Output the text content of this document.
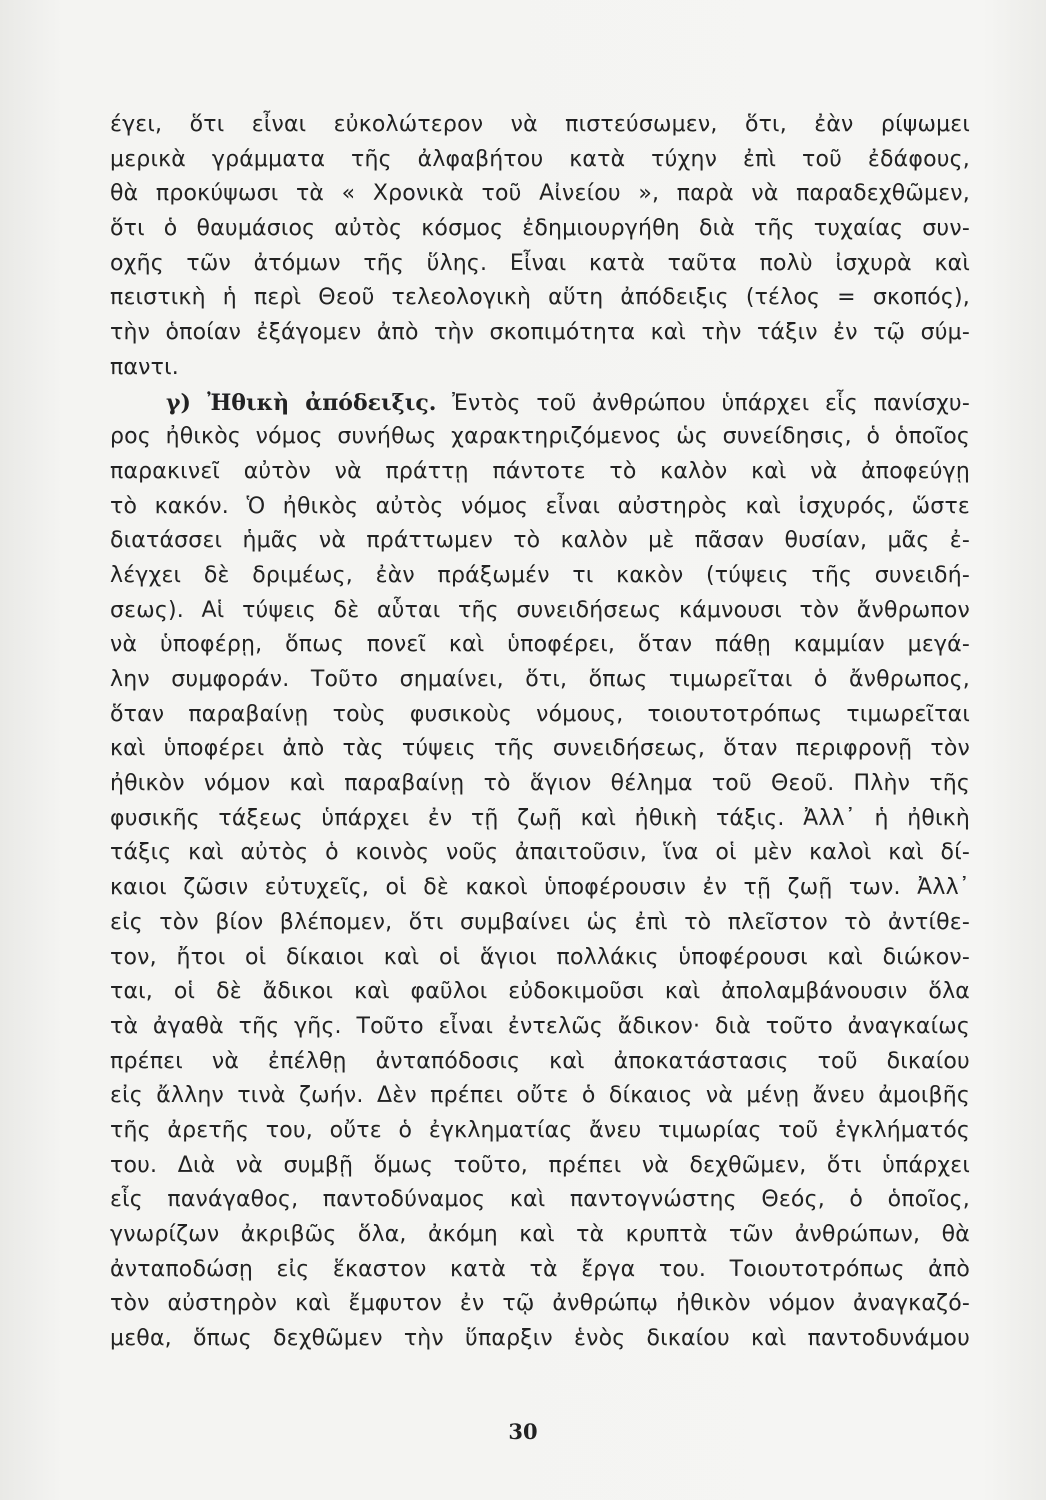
έγει, ὅτι εἶναι εὐκολώτερον νὰ πιστεύσωμεν, ὅτι, ἐὰν ρίψωμει
μερικὰ γράμματα τῆς ἀλφαβήτου κατὰ τύχην ἐπὶ τοῦ ἐδάφους,
θὰ προκύψωσι τὰ « Χρονικὰ τοῦ Αἰνείου », παρὰ νὰ παραδεχθῶμεν,
ὅτι ὁ θαυμάσιος αὐτὸς κόσμος ἐδημιουργήθη διὰ τῆς τυχαίας συν-
οχῆς τῶν ἀτόμων τῆς ὕλης. Εἶναι κατὰ ταῦτα πολὺ ἰσχυρὰ καὶ
πειστικὴ ἡ περὶ Θεοῦ τελεολογικὴ αὕτη ἀπόδειξις (τέλος = σκοπός),
τὴν ὁποίαν ἐξάγομεν ἀπὸ τὴν σκοπιμότητα καὶ τὴν τάξιν ἐν τῷ σύμ-
παντι.
γ) Ἠθικὴ ἀπόδειξις. Ἐντὸς τοῦ ἀνθρώπου ὑπάρχει εἷς πανίσχυ-
ρος ἠθικὸς νόμος συνήθως χαρακτηριζόμενος ὡς συνείδησις, ὁ ὁποῖος
παρακινεῖ αὐτὸν νὰ πράττῃ πάντοτε τὸ καλὸν καὶ νὰ ἀποφεύγῃ
τὸ κακόν. Ὁ ἠθικὸς αὐτὸς νόμος εἶναι αὐστηρὸς καὶ ἰσχυρός, ὥστε
διατάσσει ἡμᾶς νὰ πράττωμεν τὸ καλὸν μὲ πᾶσαν θυσίαν, μᾶς ἐ-
λέγχει δὲ δριμέως, ἐὰν πράξωμέν τι κακὸν (τύψεις τῆς συνειδή-
σεως). Αἱ τύψεις δὲ αὗται τῆς συνειδήσεως κάμνουσι τὸν ἄνθρωπον
νὰ ὑποφέρῃ, ὅπως πονεῖ καὶ ὑποφέρει, ὅταν πάθῃ καμμίαν μεγά-
λην συμφοράν. Τοῦτο σημαίνει, ὅτι, ὅπως τιμωρεῖται ὁ ἄνθρωπος,
ὅταν παραβαίνῃ τοὺς φυσικοὺς νόμους, τοιουτοτρόπως τιμωρεῖται
καὶ ὑποφέρει ἀπὸ τὰς τύψεις τῆς συνειδήσεως, ὅταν περιφρονῇ τὸν
ἠθικὸν νόμον καὶ παραβαίνῃ τὸ ἅγιον θέλημα τοῦ Θεοῦ. Πλὴν τῆς
φυσικῆς τάξεως ὑπάρχει ἐν τῇ ζωῇ καὶ ἠθικὴ τάξις. Ἀλλ᾽ ἡ ἠθικὴ
τάξις καὶ αὐτὸς ὁ κοινὸς νοῦς ἀπαιτοῦσιν, ἵνα οἱ μὲν καλοὶ καὶ δί-
καιοι ζῶσιν εὐτυχεῖς, οἱ δὲ κακοὶ ὑποφέρουσιν ἐν τῇ ζωῇ των. Ἀλλ᾽
εἰς τὸν βίον βλέπομεν, ὅτι συμβαίνει ὡς ἐπὶ τὸ πλεῖστον τὸ ἀντίθε-
τον, ἤτοι οἱ δίκαιοι καὶ οἱ ἅγιοι πολλάκις ὑποφέρουσι καὶ διώκον-
ται, οἱ δὲ ἄδικοι καὶ φαῦλοι εὐδοκιμοῦσι καὶ ἀπολαμβάνουσιν ὅλα
τὰ ἀγαθὰ τῆς γῆς. Τοῦτο εἶναι ἐντελῶς ἄδικον· διὰ τοῦτο ἀναγκαίως
πρέπει νὰ ἐπέλθῃ ἀνταπόδοσις καὶ ἀποκατάστασις τοῦ δικαίου
εἰς ἄλλην τινὰ ζωήν. Δὲν πρέπει οὔτε ὁ δίκαιος νὰ μένῃ ἄνευ ἀμοιβῆς
τῆς ἀρετῆς του, οὔτε ὁ ἐγκληματίας ἄνευ τιμωρίας τοῦ ἐγκλήματός
του. Διὰ νὰ συμβῇ ὅμως τοῦτο, πρέπει νὰ δεχθῶμεν, ὅτι ὑπάρχει
εἷς πανάγαθος, παντοδύναμος καὶ παντογνώστης Θεός, ὁ ὁποῖος,
γνωρίζων ἀκριβῶς ὅλα, ἀκόμη καὶ τὰ κρυπτὰ τῶν ἀνθρώπων, θὰ
ἀνταποδώσῃ εἰς ἕκαστον κατὰ τὰ ἔργα του. Τοιουτοτρόπως ἀπὸ
τὸν αὐστηρὸν καὶ ἔμφυτον ἐν τῷ ἀνθρώπῳ ἠθικὸν νόμον ἀναγκαζό-
μεθα, ὅπως δεχθῶμεν τὴν ὕπαρξιν ἑνὸς δικαίου καὶ παντοδυνάμου
30
